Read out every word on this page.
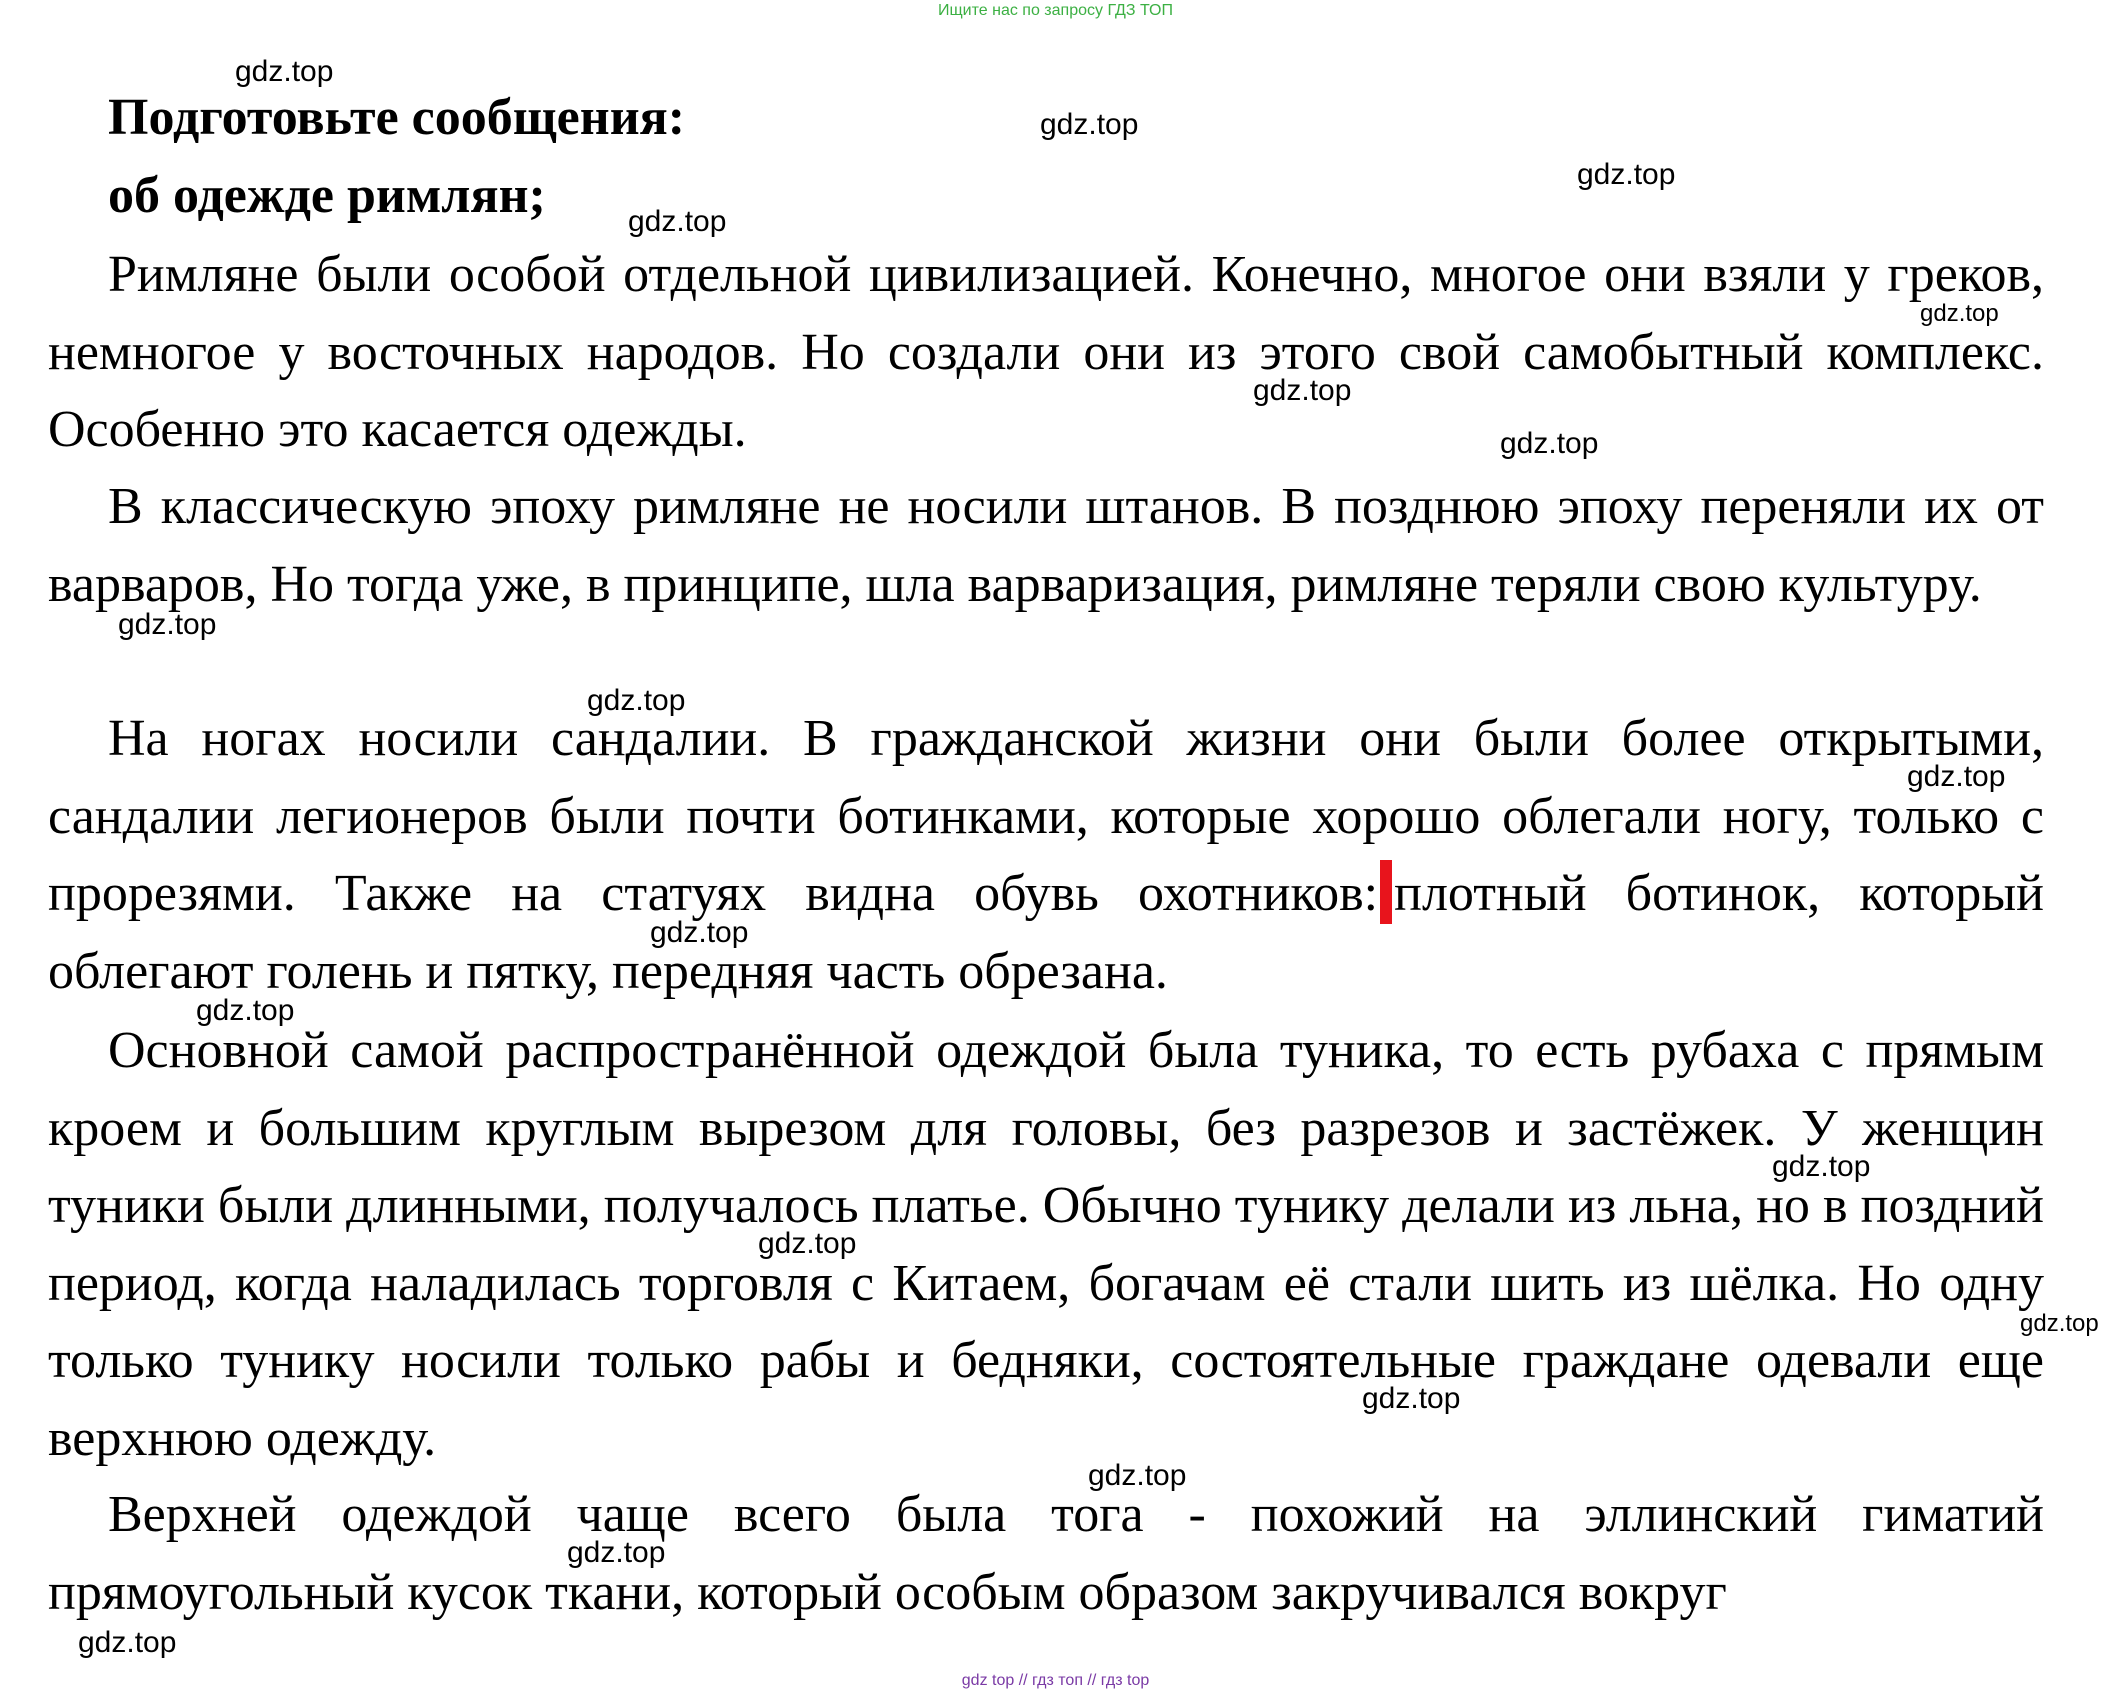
Ищите нас по запросу ГДЗ ТОП
Подготовьте сообщения:
об одежде римлян;
Римляне были особой отдельной цивилизацией. Конечно, многое они взяли у греков, немногое у восточных народов. Но создали они из этого свой самобытный комплекс. Особенно это касается одежды.
В классическую эпоху римляне не носили штанов. В позднюю эпоху переняли их от варваров, Но тогда уже, в принципе, шла варваризация, римляне теряли свою культуру.
На ногах носили сандалии. В гражданской жизни они были более открытыми, сандалии легионеров были почти ботинками, которые хорошо облегали ногу, только с прорезями. Также на статуях видна обувь охотников: плотный ботинок, который облегают голень и пятку, передняя часть обрезана.
Основной самой распространённой одеждой была туника, то есть рубаха с прямым кроем и большим круглым вырезом для головы, без разрезов и застёжек. У женщин туники были длинными, получалось платье. Обычно тунику делали из льна, но в поздний период, когда наладилась торговля с Китаем, богачам её стали шить из шёлка. Но одну только тунику носили только рабы и бедняки, состоятельные граждане одевали еще верхнюю одежду.
Верхней одеждой чаще всего была тога - похожий на эллинский гиматий прямоугольный кусок ткани, который особым образом закручивался вокруг
gdz.top
gdz.top
gdz.top
gdz.top
gdz.top
gdz.top
gdz.top
gdz.top
gdz.top
gdz.top
gdz.top
gdz.top
gdz.top
gdz.top
gdz.top
gdz.top
gdz.top
gdz.top
gdz.top
gdz top // гдз топ // гдз top
